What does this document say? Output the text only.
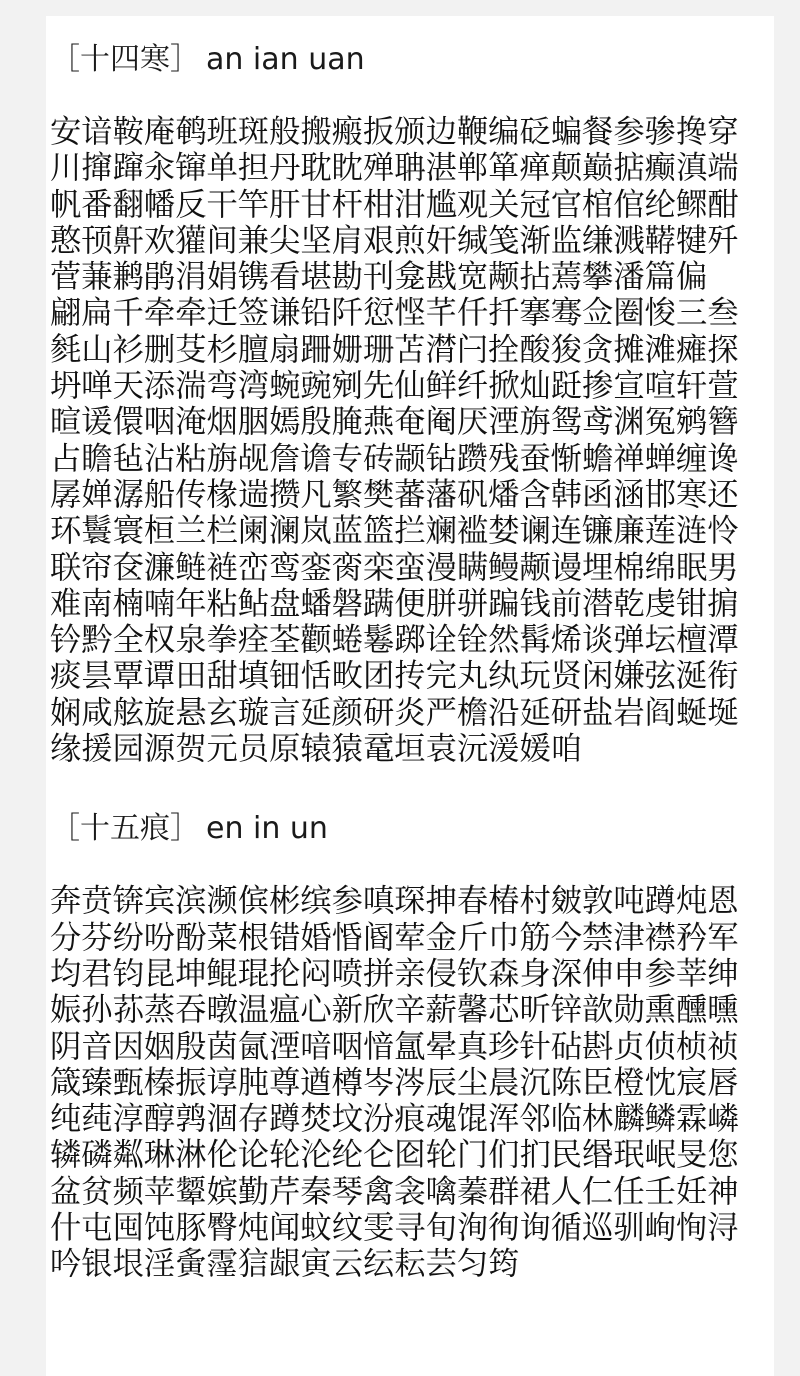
［十四寒］ an ian uan
安谙鞍庵鹌班斑般搬瘢扳颁边鞭编砭蝙餐参骖搀穿
川撺蹿汆镩单担丹耽眈殚聃湛郸箪瘅颠巅掂癫滇端
帆番翻幡反干竿肝甘杆柑泔尴观关冠官棺倌纶鳏酣
憨顸鼾欢獾间兼尖坚肩艰煎奸缄笺渐监缣溅鞯犍歼
菅蒹鹣鹃涓娟镌看堪勘刊龛戡宽颟拈蔫攀潘篇偏
翩扁千牵牵迁签谦铅阡愆悭芊仟扦搴骞佥圈悛三叁
毵山衫删芟杉膻扇跚姗珊苫潸闩拴酸狻贪摊滩瘫探
坍啴天添湍弯湾蜿豌剜先仙鲜纤掀灿跹掺宣喧轩萱
暄谖儇咽淹烟胭嫣殷腌燕奄阉厌湮旃鸳鸢渊冤鹓簪
占瞻毡沾粘旃觇詹谵专砖颛钻躜残蚕惭蟾禅蝉缠谗
孱婵潺船传椽遄攒凡繁樊蕃藩矾燔含韩函涵邯寒还
环鬟寰桓兰栏阑澜岚蓝篮拦斓褴婪谰连镰廉莲涟怜
联帘奁濂鲢裢峦鸾銮脔栾蛮漫瞒鳗颟谩埋棉绵眠男
难南楠喃年粘鲇盘蟠磐蹒便胼骈蹁钱前潜乾虔钳掮
钤黔全权泉拳痊荃颧蜷鬈踯诠铨然髯烯谈弹坛檀潭
痰昙覃谭田甜填钿恬畋团抟完丸纨玩贤闲嫌弦涎衔
娴咸舷旋悬玄璇言延颜研炎严檐沿延研盐岩阎蜒埏
缘援园源贺元员原辕猿鼋垣袁沅湲媛咱
［十五痕］ en in un
奔贲锛宾滨濒傧彬缤参嗔琛抻春椿村皴敦吨蹲炖恩
分芬纷吩酚菜根错婚惛阍荤金斤巾筋今禁津襟矜军
均君钧昆坤鲲琨抡闷喷拼亲侵钦森身深伸申参莘绅
娠孙荪蒸吞暾温瘟心新欣辛薪馨芯昕锌歆勋熏醺曛
阴音因姻殷茵氤湮喑咽愔氲晕真珍针砧斟贞侦桢祯
箴臻甄榛振谆肫尊遒樽岑涔辰尘晨沉陈臣橙忱宸唇
纯莼淳醇鹑涸存蹲焚坟汾痕魂馄浑邻临林麟鳞霖嶙
辚磷粼琳淋伦论轮沦纶仑囵轮门们扪民缗珉岷旻您
盆贫频苹颦嫔勤芹秦琴禽衾噙蓁群裙人仁任壬妊神
什屯囤饨豚臀炖闻蚊纹雯寻旬洵徇询循巡驯峋恂浔
吟银垠淫夤霪狺龈寅云纭耘芸匀筠
